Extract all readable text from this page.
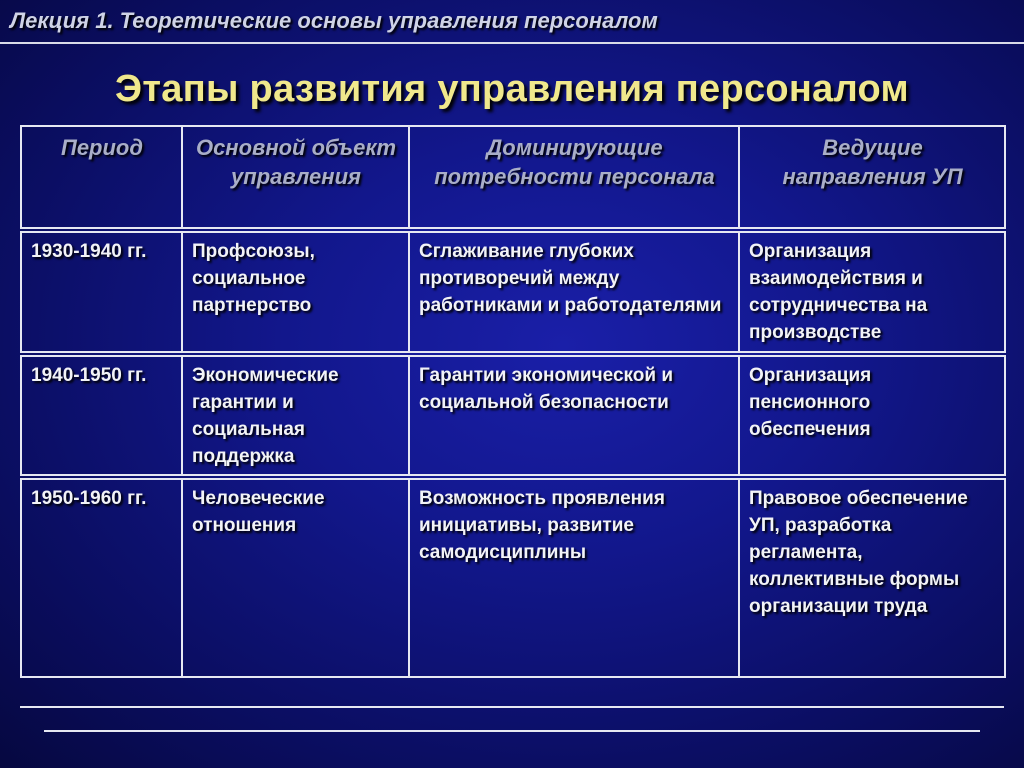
Лекция 1. Теоретические основы управления персоналом
Этапы развития управления персоналом
Период	Основной объект управления	Доминирующие потребности персонала	Ведущие направления УП
1930-1940 гг.	Профсоюзы, социальное партнерство	Сглаживание глубоких противоречий между работниками и работодателями	Организация взаимодействия и сотрудничества на производстве
1940-1950 гг.	Экономические гарантии и социальная поддержка	Гарантии экономической и социальной безопасности	Организация пенсионного обеспечения
1950-1960 гг.	Человеческие отношения	Возможность проявления инициативы, развитие самодисциплины	Правовое обеспечение УП, разработка регламента, коллективные формы организации труда
